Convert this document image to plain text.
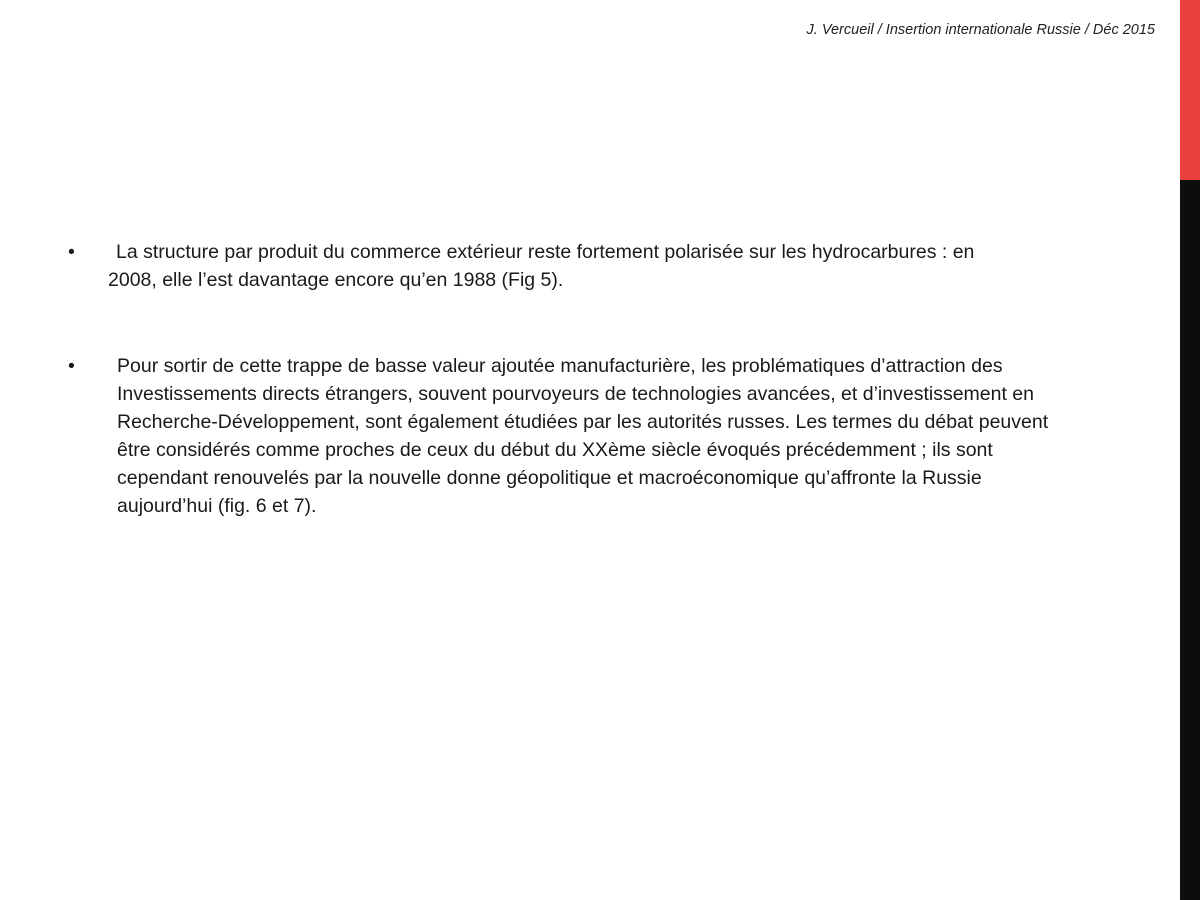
J. Vercueil / Insertion internationale Russie / Déc 2015
•	La structure par produit du commerce extérieur reste fortement polarisée sur les hydrocarbures : en 2008, elle l’est davantage encore qu’en 1988 (Fig 5).
•	Pour sortir de cette trappe de basse valeur ajoutée manufacturière, les problématiques d’attraction des Investissements directs étrangers, souvent pourvoyeurs de technologies avancées, et d’investissement en Recherche-Développement, sont également étudiées par les autorités russes. Les termes du débat peuvent être considérés comme proches de ceux du début du XXème siècle évoqués précédemment ; ils sont cependant renouvelés par la nouvelle donne géopolitique et macroéconomique qu’affronte la Russie aujourd’hui (fig. 6 et 7).
